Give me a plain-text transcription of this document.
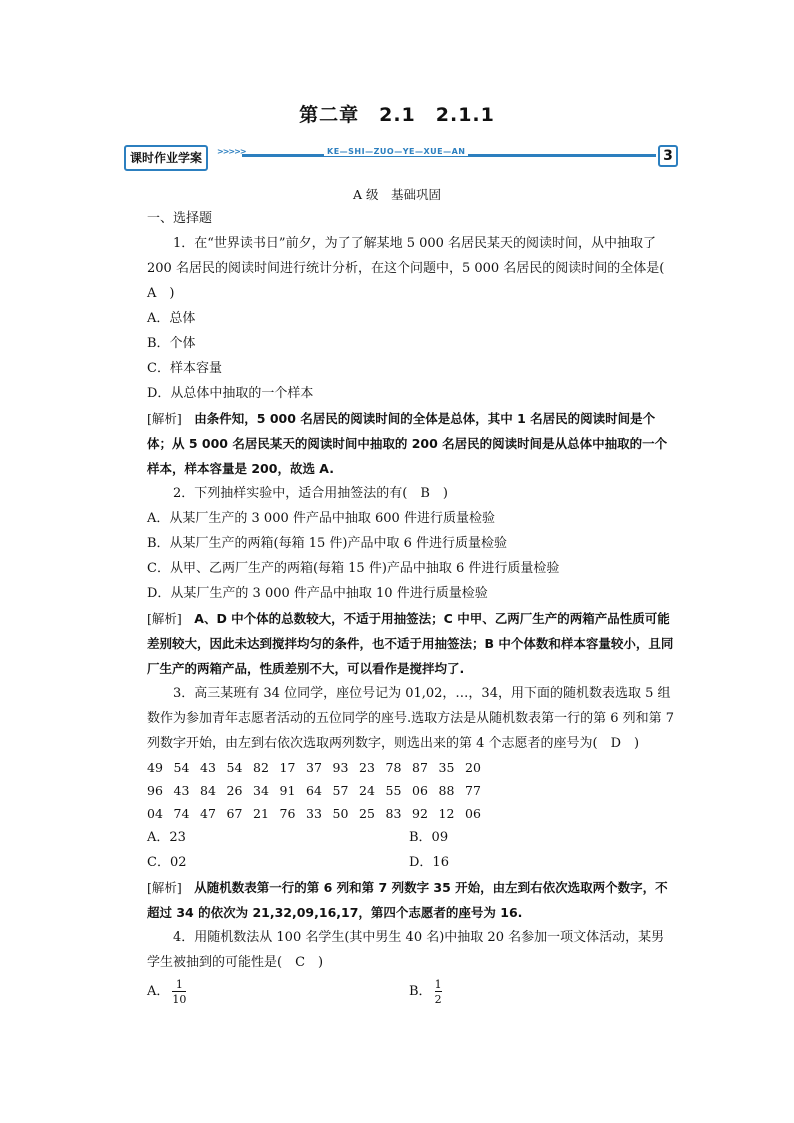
第二章　2.1　2.1.1
课时作业学案	>>>>>	KE—SHI—ZUO—YE—XUE—AN	3
A 级　基础巩固

一、选择题

1．在“世界读书日”前夕，为了了解某地 5 000 名居民某天的阅读时间，从中抽取了 200 名居民的阅读时间进行统计分析，在这个问题中，5 000 名居民的阅读时间的全体是(　A　)

A．总体

B．个体

C．样本容量

D．从总体中抽取的一个样本

[解析]　由条件知，5 000 名居民的阅读时间的全体是总体，其中 1 名居民的阅读时间是个体；从 5 000 名居民某天的阅读时间中抽取的 200 名居民的阅读时间是从总体中抽取的一个样本，样本容量是 200，故选 A.

2．下列抽样实验中，适合用抽签法的有(　B　)

A．从某厂生产的 3 000 件产品中抽取 600 件进行质量检验

B．从某厂生产的两箱(每箱 15 件)产品中取 6 件进行质量检验

C．从甲、乙两厂生产的两箱(每箱 15 件)产品中抽取 6 件进行质量检验

D．从某厂生产的 3 000 件产品中抽取 10 件进行质量检验

[解析]　A、D 中个体的总数较大，不适于用抽签法；C 中甲、乙两厂生产的两箱产品性质可能差别较大，因此未达到搅拌均匀的条件，也不适于用抽签法；B 中个体数和样本容量较小，且同厂生产的两箱产品，性质差别不大，可以看作是搅拌均了.

3．高三某班有 34 位同学，座位号记为 01,02，…，34，用下面的随机数表选取 5 组数作为参加青年志愿者活动的五位同学的座号.选取方法是从随机数表第一行的第 6 列和第 7 列数字开始，由左到右依次选取两列数字，则选出来的第 4 个志愿者的座号为(　D　)

49 54 43 54 82 17 37 93 23 78 87 35 20
96 43 84 26 34 91 64 57 24 55 06 88 77
04 74 47 67 21 76 33 50 25 83 92 12 06
A．23	B．09
C．02	D．16
[解析]　从随机数表第一行的第 6 列和第 7 列数字 35 开始，由左到右依次选取两个数字，不超过 34 的依次为 21,32,09,16,17，第四个志愿者的座号为 16.

4．用随机数法从 100 名学生(其中男生 40 名)中抽取 20 名参加一项文体活动，某男学生被抽到的可能性是(　C　)

A． $\frac{1}{10}$	B． $\frac{1}{2}$
